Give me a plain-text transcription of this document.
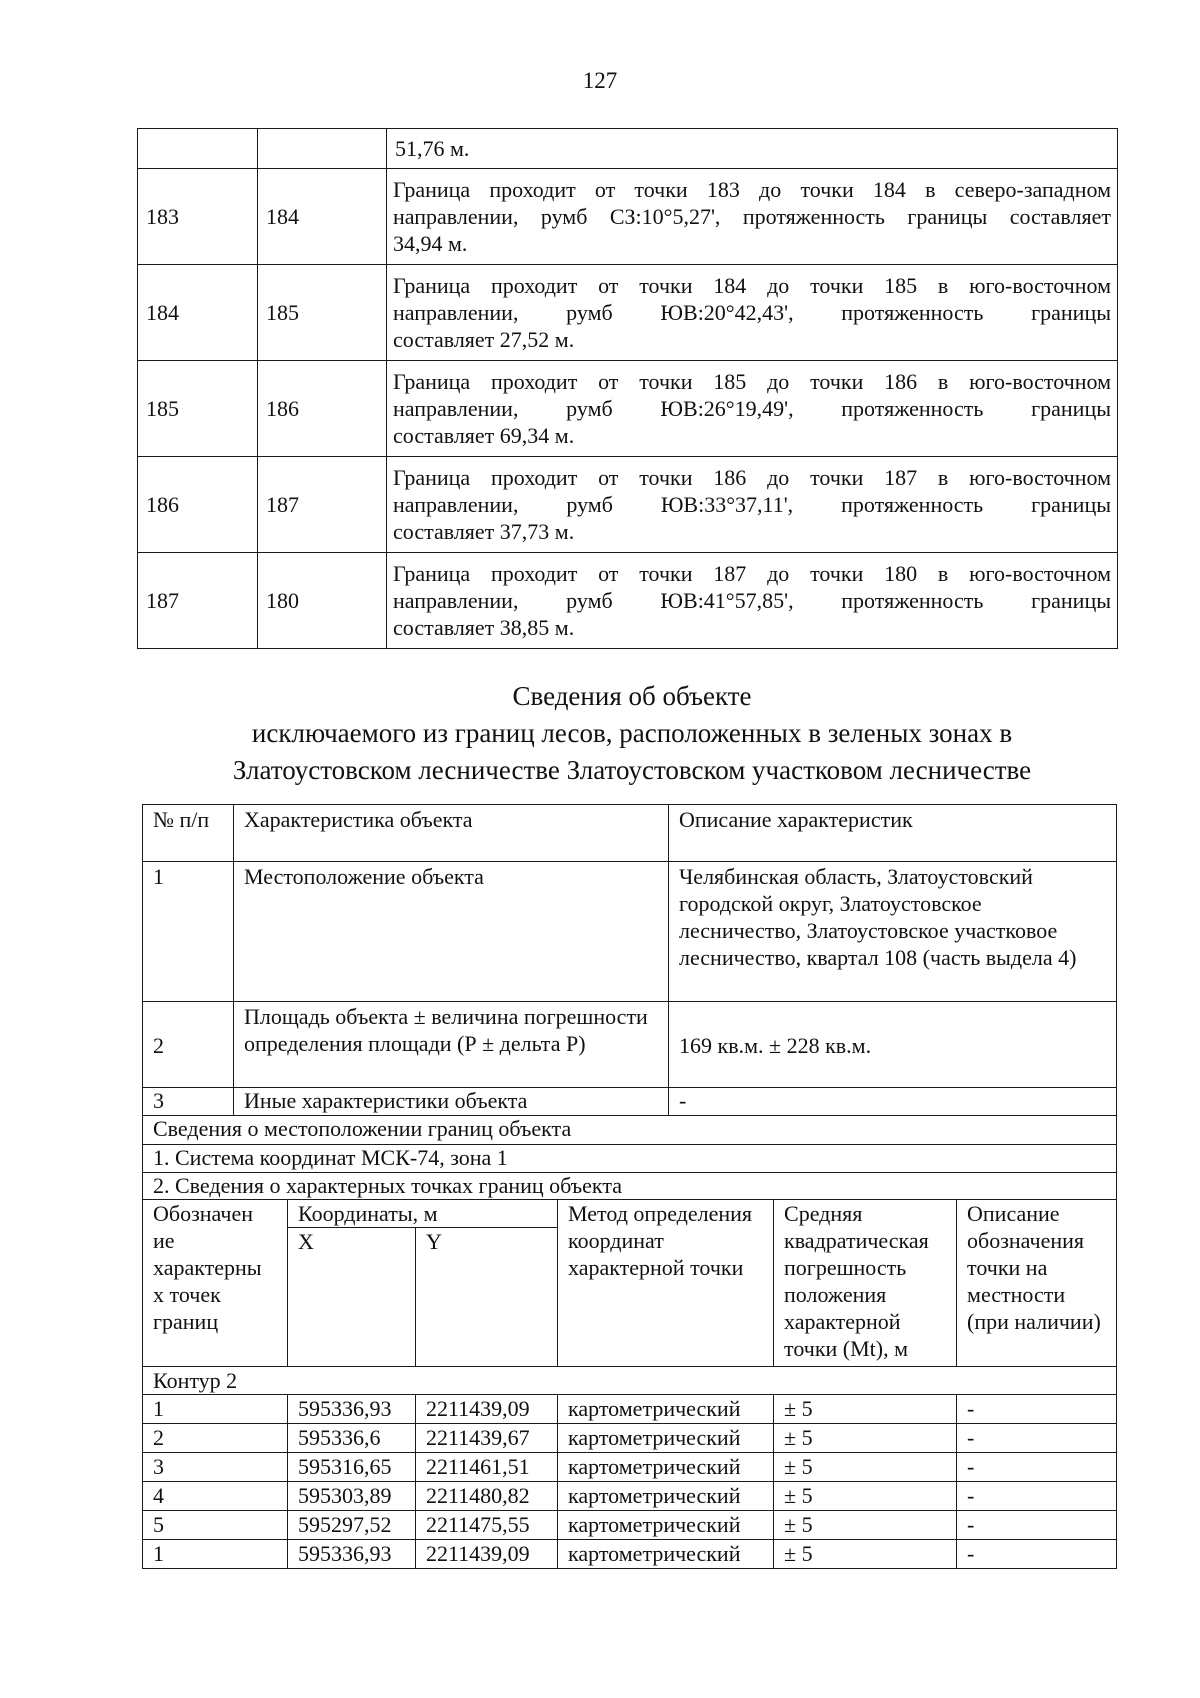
127
		51,76 м.
183	184	Граница проходит от точки 183 до точки 184 в северо-западном
направлении, румб СЗ:10°5,27', протяженность границы составляет
34,94 м.

184	185	Граница проходит от точки 184 до точки 185 в юго-восточном
направлении, румб ЮВ:20°42,43', протяженность границы
составляет 27,52 м.

185	186	Граница проходит от точки 185 до точки 186 в юго-восточном
направлении, румб ЮВ:26°19,49', протяженность границы
составляет 69,34 м.

186	187	Граница проходит от точки 186 до точки 187 в юго-восточном
направлении, румб ЮВ:33°37,11', протяженность границы
составляет 37,73 м.

187	180	Граница проходит от точки 187 до точки 180 в юго-восточном
направлении, румб ЮВ:41°57,85', протяженность границы
составляет 38,85 м.
Сведения об объекте
исключаемого из границ лесов, расположенных в зеленых зонах в
Златоустовском лесничестве Златоустовском участковом лесничестве
№ п/п	Характеристика объекта	Описание характеристик
1	Местоположение объекта	Челябинская область, Златоустовский городской округ, Златоустовское лесничество, Златоустовское участковое лесничество, квартал 108 (часть выдела 4)
2	Площадь объекта ± величина погрешности определения площади (Р ± дельта Р)	169 кв.м. ± 228 кв.м.
3	Иные характеристики объекта	-
Сведения о местоположении границ объекта		
1. Система координат МСК-74, зона 1		
2. Сведения о характерных точках границ объекта		
Обозначен ие характерны х точек границ	Координаты, м		Метод определения координат характерной точки	Средняя квадратическая погрешность положения характерной точки (Mt), м	Описание обозначения точки на местности (при наличии)
	X	Y			
Контур 2					
1	595336,93	2211439,09	картометрический	± 5	-
2	595336,6	2211439,67	картометрический	± 5	-
3	595316,65	2211461,51	картометрический	± 5	-
4	595303,89	2211480,82	картометрический	± 5	-
5	595297,52	2211475,55	картометрический	± 5	-
1	595336,93	2211439,09	картометрический	± 5	-
